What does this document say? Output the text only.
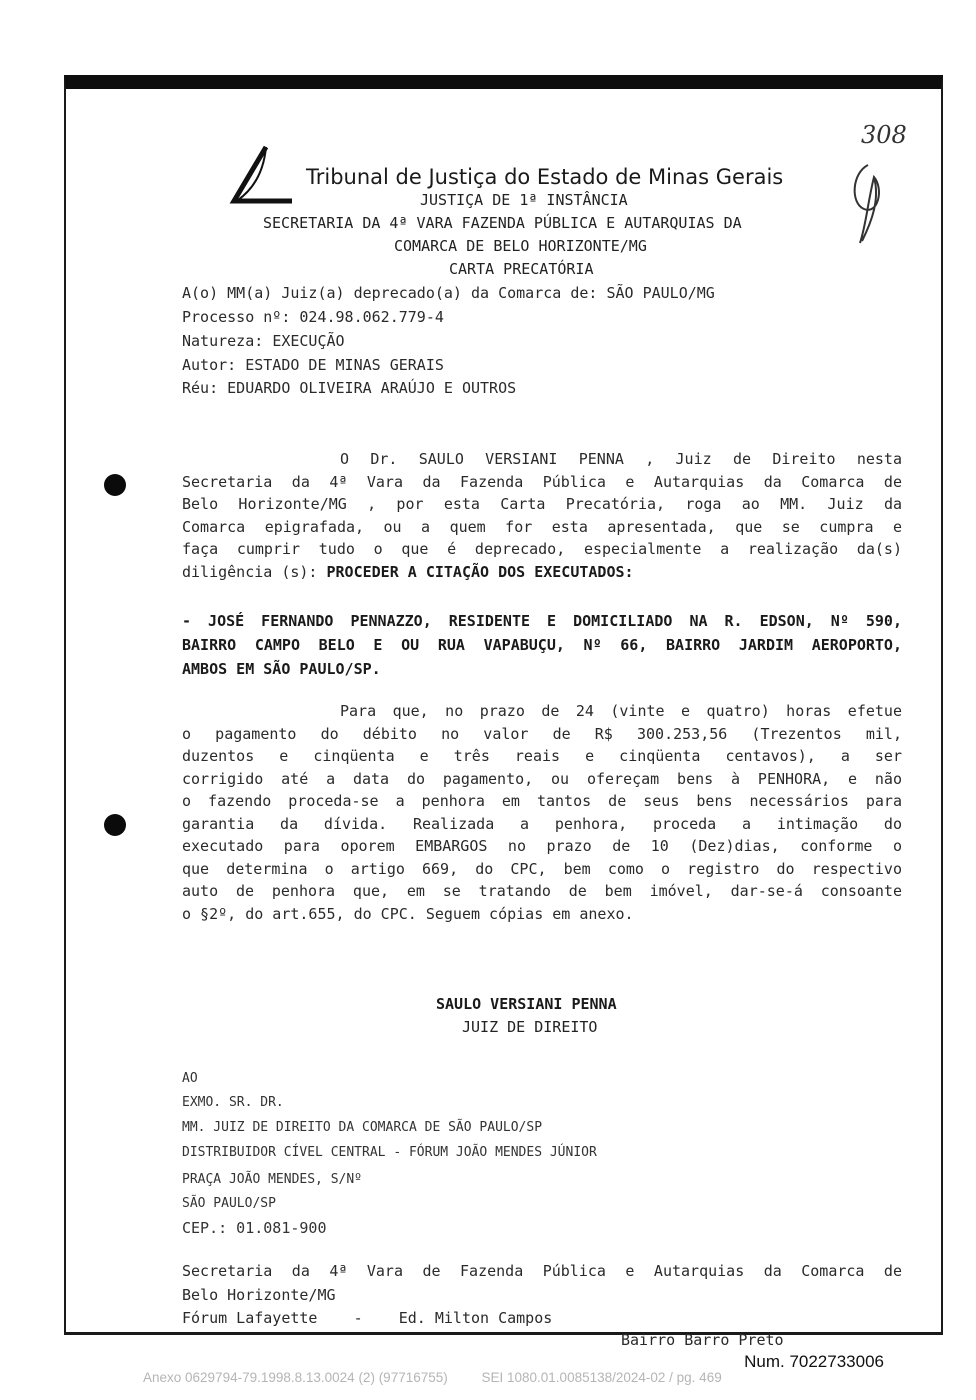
308
Tribunal de Justiça do Estado de Minas Gerais
JUSTIÇA DE 1ª INSTÂNCIA
SECRETARIA DA 4ª VARA FAZENDA PÚBLICA E AUTARQUIAS DA
COMARCA DE BELO HORIZONTE/MG
CARTA PRECATÓRIA
A(o) MM(a) Juiz(a) deprecado(a) da Comarca de: SÃO PAULO/MG
Processo nº: 024.98.062.779-4
Natureza: EXECUÇÃO
Autor: ESTADO DE MINAS GERAIS
Réu: EDUARDO OLIVEIRA ARAÚJO E OUTROS
O Dr. SAULO VERSIANI PENNA , Juiz de Direito nesta
Secretaria da 4ª Vara da Fazenda Pública e Autarquias da Comarca de
Belo Horizonte/MG , por esta Carta Precatória, roga ao MM. Juiz da
Comarca epigrafada, ou a quem for esta apresentada, que se cumpra e
faça cumprir tudo o que é deprecado, especialmente a realização da(s)
diligência (s): PROCEDER A CITAÇÃO DOS EXECUTADOS:
- JOSÉ FERNANDO PENNAZZO, RESIDENTE E DOMICILIADO NA R. EDSON, Nº 590,
BAIRRO CAMPO BELO E OU RUA VAPABUÇU, Nº 66, BAIRRO JARDIM AEROPORTO,
AMBOS EM SÃO PAULO/SP.
Para que, no prazo de 24 (vinte e quatro) horas efetue
o pagamento do débito no valor de R$ 300.253,56 (Trezentos mil,
duzentos e cinqüenta e três reais e cinqüenta centavos), a ser
corrigido até a data do pagamento, ou ofereçam bens à PENHORA, e não
o fazendo proceda-se a penhora em tantos de seus bens necessários para
garantia da dívida. Realizada a penhora, proceda a intimação do
executado para oporem EMBARGOS no prazo de 10 (Dez)dias, conforme o
que determina o artigo 669, do CPC, bem como o registro do respectivo
auto de penhora que, em se tratando de bem imóvel, dar-se-á consoante
o §2º, do art.655, do CPC. Seguem cópias em anexo.
SAULO VERSIANI PENNA
JUIZ DE DIREITO
AO
EXMO. SR. DR.
MM. JUIZ DE DIREITO DA COMARCA DE SÃO PAULO/SP
DISTRIBUIDOR CÍVEL CENTRAL - FÓRUM JOÃO MENDES JÚNIOR
PRAÇA JOÃO MENDES, S/Nº
SÃO PAULO/SP
CEP.: 01.081-900
Secretaria da 4ª Vara de Fazenda Pública e Autarquias da Comarca de
Belo Horizonte/MG
Fórum Lafayette    -    Ed. Milton Campos
Bairro Barro Preto
Num. 7022733006
Anexo 0629794-79.1998.8.13.0024 (2) (97716755)         SEI 1080.01.0085138/2024-02 / pg. 469
